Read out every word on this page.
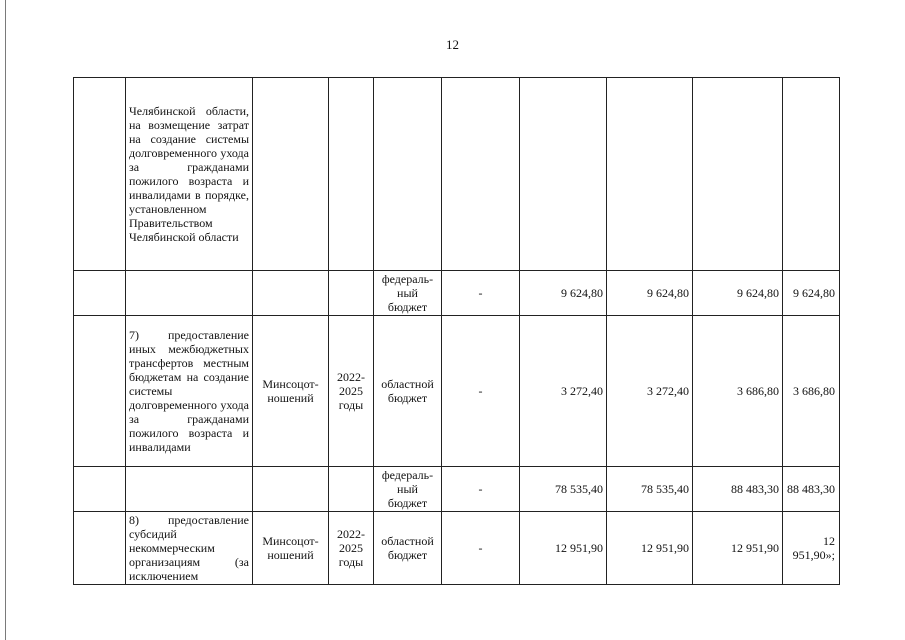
12
	Челябинской области, на возмещение затрат на создание системы долговременного ухода за гражданами пожилого возраста и инвалидами в порядке, установленном Правительством Челябинской области								
				федераль-ный бюджет	-	9 624,80	9 624,80	9 624,80	9 624,80
	7) предоставление иных межбюджетных трансфертов местным бюджетам на создание системы долговременного ухода за гражданами пожилого возраста и инвалидами	Минсоцот-ношений	2022-2025 годы	областной бюджет	-	3 272,40	3 272,40	3 686,80	3 686,80
				федераль-ный бюджет	-	78 535,40	78 535,40	88 483,30	88 483,30
	8) предоставление субсидий некоммерческим организациям (за исключением	Минсоцот-ношений	2022-2025 годы	областной бюджет	-	12 951,90	12 951,90	12 951,90	12 951,90»;
